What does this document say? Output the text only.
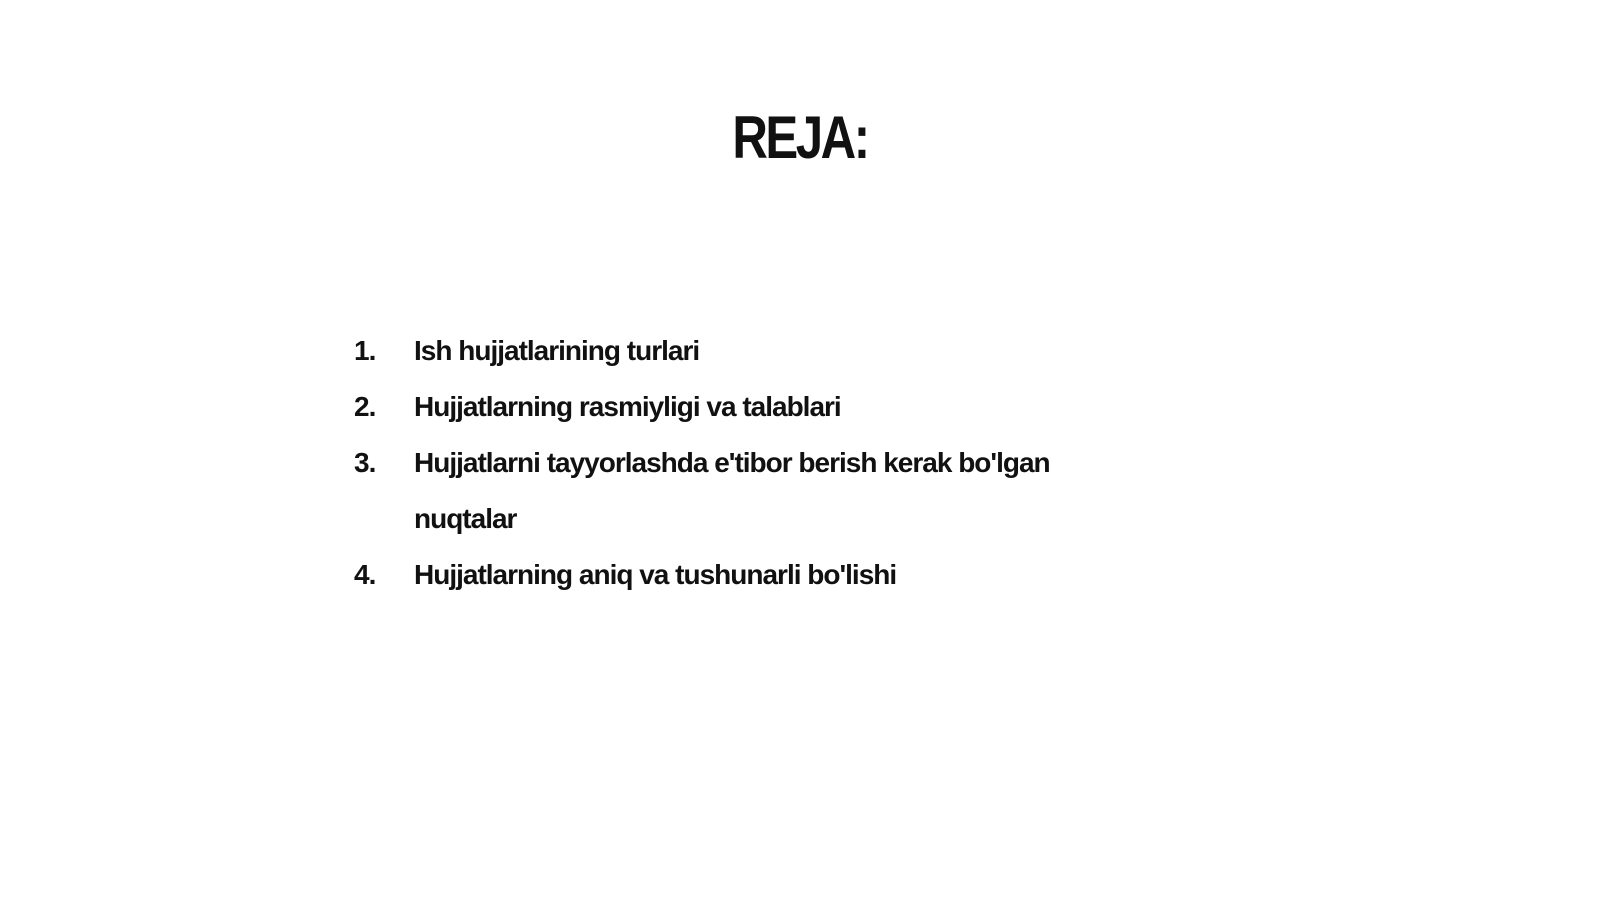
REJA:
1.	Ish hujjatlarining turlari
2.	Hujjatlarning rasmiyligi va talablari
3.	Hujjatlarni tayyorlashda e'tibor berish kerak bo'lgan nuqtalar
4.	Hujjatlarning aniq va tushunarli bo'lishi
